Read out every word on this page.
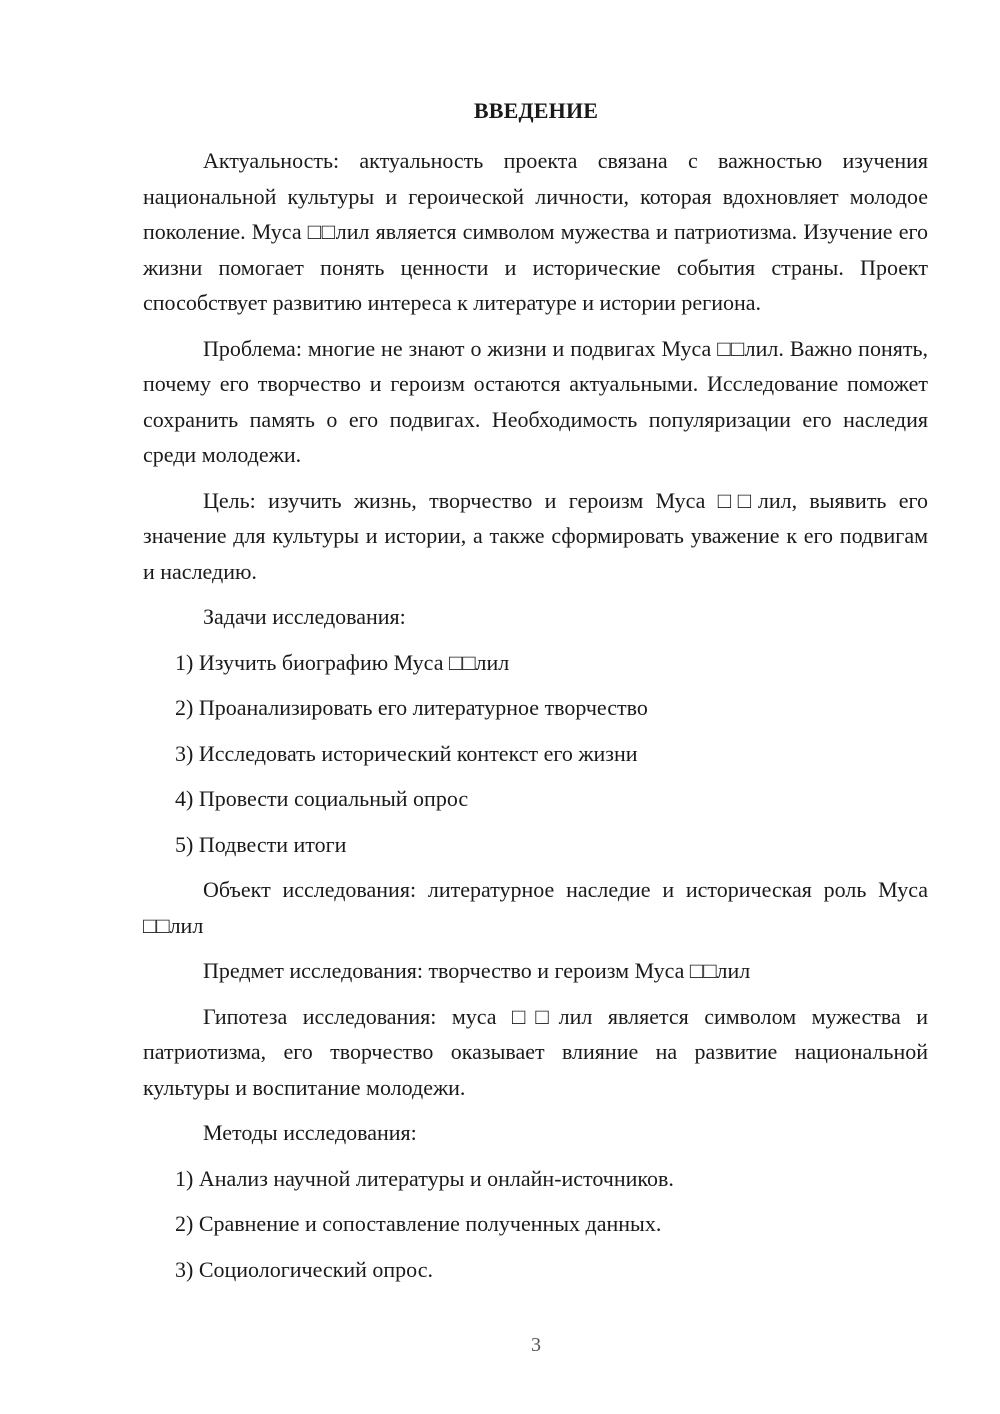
ВВЕДЕНИЕ

Актуальность: актуальность проекта связана с важностью изучения национальной культуры и героической личности, которая вдохновляет молодое поколение. Муса □□лил является символом мужества и патриотизма. Изучение его жизни помогает понять ценности и исторические события страны. Проект способствует развитию интереса к литературе и истории региона.

Проблема: многие не знают о жизни и подвигах Муса □□лил. Важно понять, почему его творчество и героизм остаются актуальными. Исследование поможет сохранить память о его подвигах. Необходимость популяризации его наследия среди молодежи.

Цель: изучить жизнь, творчество и героизм Муса □□лил, выявить его значение для культуры и истории, а также сформировать уважение к его подвигам и наследию.

Задачи исследования:

1) Изучить биографию Муса □□лил
2) Проанализировать его литературное творчество
3) Исследовать исторический контекст его жизни
4) Провести социальный опрос
5) Подвести итоги

Объект исследования: литературное наследие и историческая роль Муса □□лил

Предмет исследования: творчество и героизм Муса □□лил

Гипотеза исследования: муса □□лил является символом мужества и патриотизма, его творчество оказывает влияние на развитие национальной культуры и воспитание молодежи.

Методы исследования:

1) Анализ научной литературы и онлайн-источников.
2) Сравнение и сопоставление полученных данных.
3) Социологический опрос.
3
